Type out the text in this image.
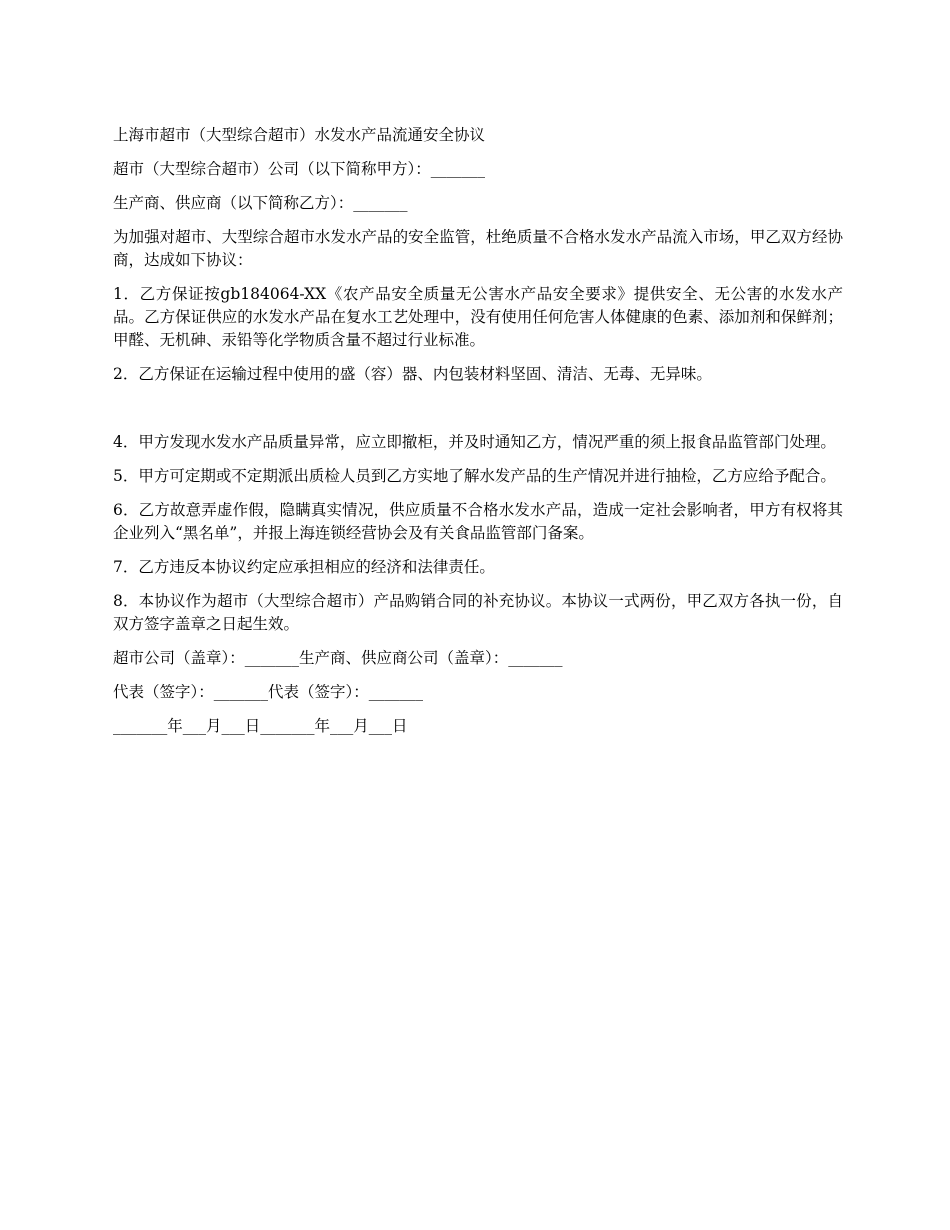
上海市超市（大型综合超市）水发水产品流通安全协议

超市（大型综合超市）公司（以下简称甲方）：_______

生产商、供应商（以下简称乙方）：_______

为加强对超市、大型综合超市水发水产品的安全监管，杜绝质量不合格水发水产品流入市场，甲乙双方经协商，达成如下协议：

1．乙方保证按gb184064-XX《农产品安全质量无公害水产品安全要求》提供安全、无公害的水发水产品。乙方保证供应的水发水产品在复水工艺处理中，没有使用任何危害人体健康的色素、添加剂和保鲜剂；甲醛、无机砷、汞铅等化学物质含量不超过行业标准。

2．乙方保证在运输过程中使用的盛（容）器、内包装材料坚固、清洁、无毒、无异味。

4．甲方发现水发水产品质量异常，应立即撤柜，并及时通知乙方，情况严重的须上报食品监管部门处理。

5．甲方可定期或不定期派出质检人员到乙方实地了解水发产品的生产情况并进行抽检，乙方应给予配合。

6．乙方故意弄虚作假，隐瞒真实情况，供应质量不合格水发水产品，造成一定社会影响者，甲方有权将其企业列入“黑名单”，并报上海连锁经营协会及有关食品监管部门备案。

7．乙方违反本协议约定应承担相应的经济和法律责任。

8．本协议作为超市（大型综合超市）产品购销合同的补充协议。本协议一式两份，甲乙双方各执一份，自双方签字盖章之日起生效。

超市公司（盖章）：_______生产商、供应商公司（盖章）：_______

代表（签字）：_______代表（签字）：_______

_______年___月___日_______年___月___日
